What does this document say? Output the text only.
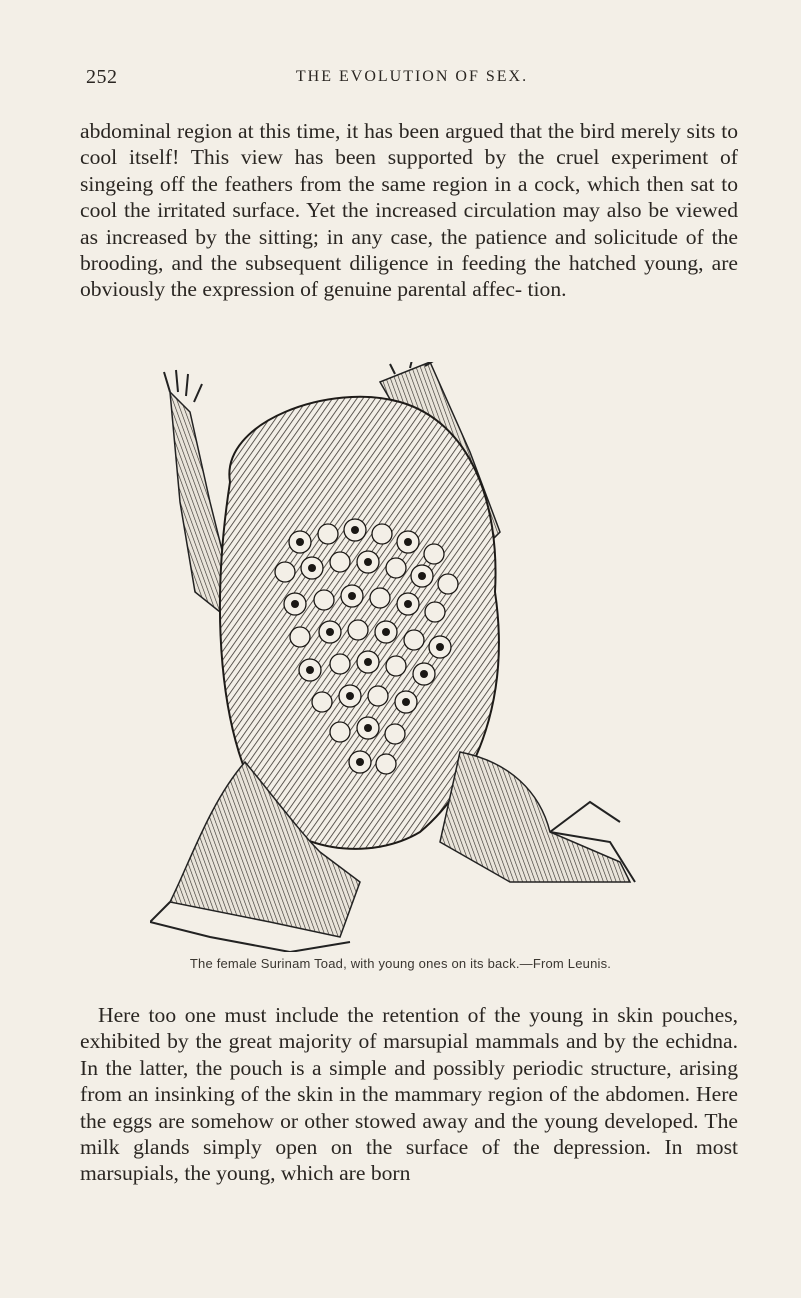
252	THE EVOLUTION OF SEX.

abdominal region at this time, it has been argued that the bird merely sits to cool itself! This view has been supported by the cruel experiment of singeing off the feathers from the same region in a cock, which then sat to cool the irritated surface. Yet the increased circulation may also be viewed as increased by the sitting; in any case, the patience and solicitude of the brooding, and the subsequent diligence in feeding the hatched young, are obviously the expression of genuine parental affec- tion.

The female Surinam Toad, with young ones on its back.—From Leunis.

Here too one must include the retention of the young in skin pouches, exhibited by the great majority of marsupial mammals and by the echidna. In the latter, the pouch is a simple and possibly periodic structure, arising from an insinking of the skin in the mammary region of the abdomen. Here the eggs are somehow or other stowed away and the young developed. The milk glands simply open on the surface of the depression. In most marsupials, the young, which are born
